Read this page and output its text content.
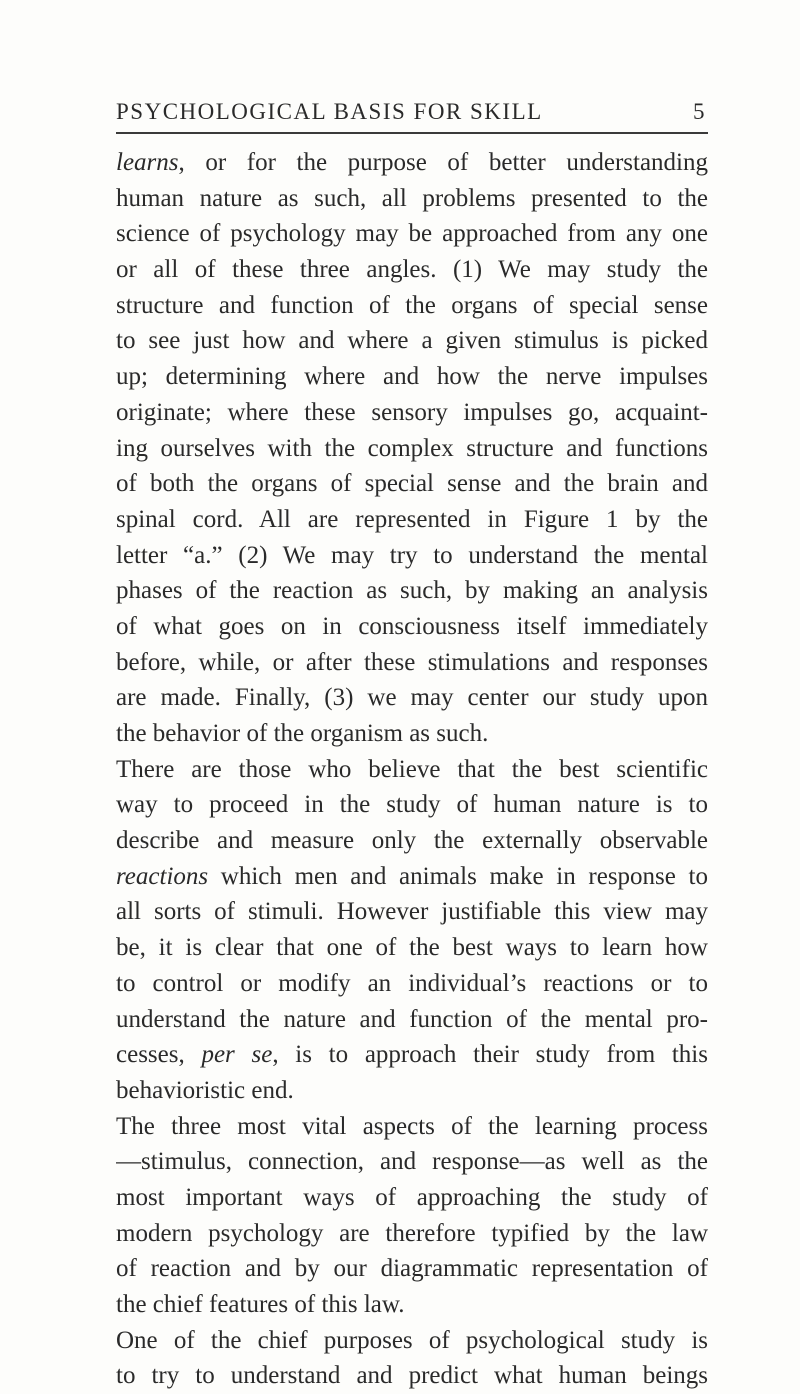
PSYCHOLOGICAL BASIS FOR SKILL	5
learns, or for the purpose of better understanding
human nature as such, all problems presented to the
science of psychology may be approached from any one
or all of these three angles. (1) We may study the
structure and function of the organs of special sense
to see just how and where a given stimulus is picked
up; determining where and how the nerve impulses
originate; where these sensory impulses go, acquaint-
ing ourselves with the complex structure and functions
of both the organs of special sense and the brain and
spinal cord. All are represented in Figure 1 by the
letter “a.” (2) We may try to understand the mental
phases of the reaction as such, by making an analysis
of what goes on in consciousness itself immediately
before, while, or after these stimulations and responses
are made. Finally, (3) we may center our study upon
the behavior of the organism as such.
There are those who believe that the best scientific
way to proceed in the study of human nature is to
describe and measure only the externally observable
reactions which men and animals make in response to
all sorts of stimuli. However justifiable this view may
be, it is clear that one of the best ways to learn how
to control or modify an individual’s reactions or to
understand the nature and function of the mental pro-
cesses, per se, is to approach their study from this
behavioristic end.
The three most vital aspects of the learning process
—stimulus, connection, and response—as well as the
most important ways of approaching the study of
modern psychology are therefore typified by the law
of reaction and by our diagrammatic representation of
the chief features of this law.
One of the chief purposes of psychological study is
to try to understand and predict what human beings
